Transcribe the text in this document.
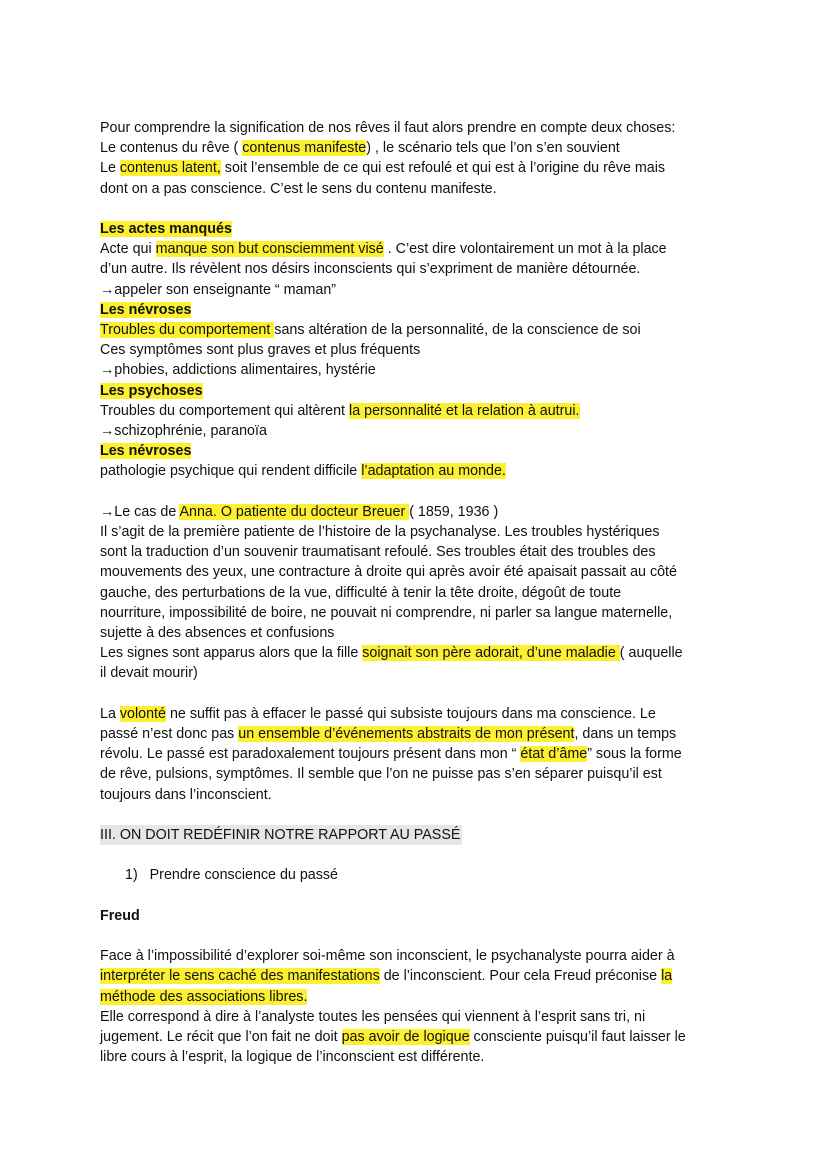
Pour comprendre la signification de nos rêves il faut alors prendre en compte deux choses:
Le contenus du rêve ( contenus manifeste) , le scénario tels que l’on s’en souvient
Le contenus latent, soit l’ensemble de ce qui est refoulé et qui est à l’origine du rêve mais
dont on a pas conscience. C’est le sens du contenu manifeste.
Les actes manqués
Acte qui manque son but consciemment visé . C’est dire volontairement un mot à la place
d’un autre. Ils révèlent nos désirs inconscients qui s’expriment de manière détournée.
→appeler son enseignante “ maman”
Les névroses
Troubles du comportement sans altération de la personnalité, de la conscience de soi
Ces symptômes sont plus graves et plus fréquents
→phobies, addictions alimentaires, hystérie
Les psychoses
Troubles du comportement qui altèrent la personnalité et la relation à autrui.
→schizophrénie, paranoïa
Les névroses
pathologie psychique qui rendent difficile l’adaptation au monde.
→Le cas de Anna. O patiente du docteur Breuer ( 1859, 1936 )
Il s’agit de la première patiente de l’histoire de la psychanalyse. Les troubles hystériques
sont la traduction d’un souvenir traumatisant refoulé. Ses troubles était des troubles des
mouvements des yeux, une contracture à droite qui après avoir été apaisait passait au côté
gauche, des perturbations de la vue, difficulté à tenir la tête droite, dégoût de toute
nourriture, impossibilité de boire, ne pouvait ni comprendre, ni parler sa langue maternelle,
sujette à des absences et confusions
Les signes sont apparus alors que la fille soignait son père adorait, d’une maladie ( auquelle
il devait mourir)
La volonté ne suffit pas à effacer le passé qui subsiste toujours dans ma conscience. Le
passé n’est donc pas un ensemble d’événements abstraits de mon présent, dans un temps
révolu. Le passé est paradoxalement toujours présent dans mon “ état d’âme” sous la forme
de rêve, pulsions, symptômes. Il semble que l’on ne puisse pas s’en séparer puisqu’il est
toujours dans l’inconscient.
III. ON DOIT REDÉFINIR NOTRE RAPPORT AU PASSÉ
1) Prendre conscience du passé
Freud
Face à l’impossibilité d’explorer soi-même son inconscient, le psychanalyste pourra aider à
interpréter le sens caché des manifestations de l’inconscient. Pour cela Freud préconise la
méthode des associations libres.
Elle correspond à dire à l’analyste toutes les pensées qui viennent à l’esprit sans tri, ni
jugement. Le récit que l’on fait ne doit pas avoir de logique consciente puisqu’il faut laisser le
libre cours à l’esprit, la logique de l’inconscient est différente.
